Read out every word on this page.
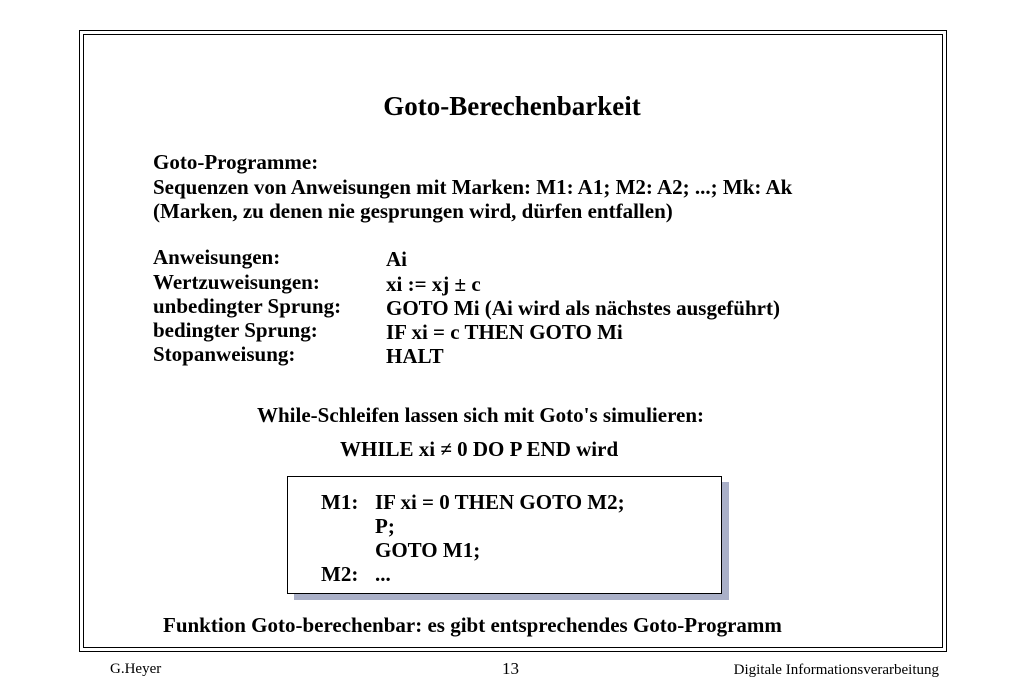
Goto-Berechenbarkeit
Goto-Programme:
Sequenzen von Anweisungen mit Marken: M1: A1; M2: A2; ...; Mk: Ak
(Marken, zu denen nie gesprungen wird, dürfen entfallen)
Anweisungen:	Ai
Wertzuweisungen:	xi := xj ± c
unbedingter Sprung: GOTO Mi (Ai wird als nächstes ausgeführt)
bedingter Sprung:	IF xi = c THEN GOTO Mi
Stopanweisung:	HALT
While-Schleifen lassen sich mit Goto's simulieren:
WHILE xi ≠ 0 DO P END wird
M1: IF xi = 0 THEN GOTO M2;
P;
GOTO M1;
M2: ...
Funktion Goto-berechenbar: es gibt entsprechendes Goto-Programm
G.Heyer	13	Digitale Informationsverarbeitung
